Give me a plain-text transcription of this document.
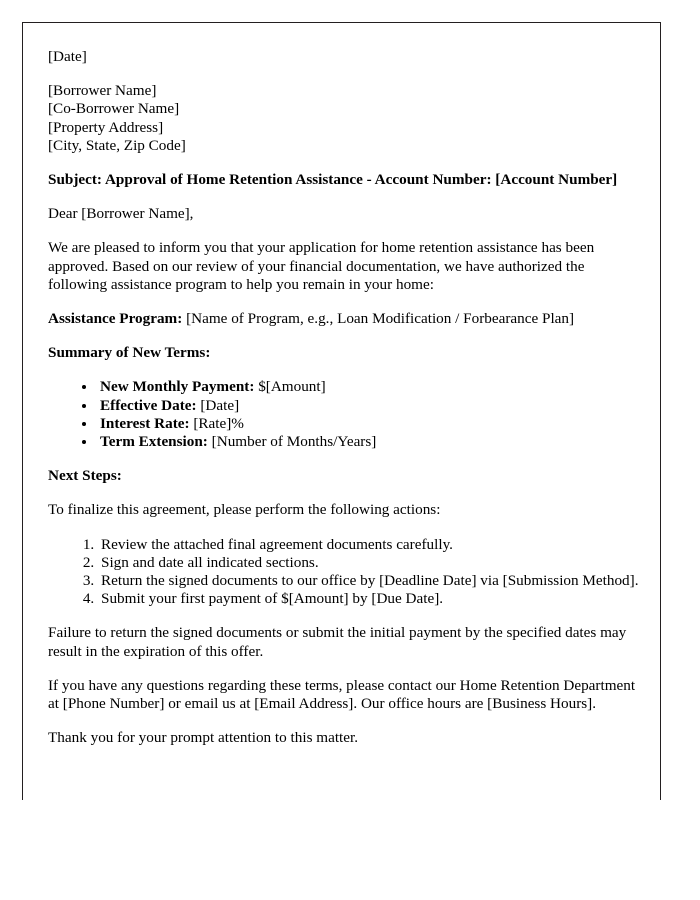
[Date]
[Borrower Name]
[Co-Borrower Name]
[Property Address]
[City, State, Zip Code]
Subject: Approval of Home Retention Assistance - Account Number: [Account Number]
Dear [Borrower Name],
We are pleased to inform you that your application for home retention assistance has been approved. Based on our review of your financial documentation, we have authorized the following assistance program to help you remain in your home:
Assistance Program: [Name of Program, e.g., Loan Modification / Forbearance Plan]
Summary of New Terms:
• New Monthly Payment: $[Amount]
• Effective Date: [Date]
• Interest Rate: [Rate]%
• Term Extension: [Number of Months/Years]
Next Steps:
To finalize this agreement, please perform the following actions:
1. Review the attached final agreement documents carefully.
2. Sign and date all indicated sections.
3. Return the signed documents to our office by [Deadline Date] via [Submission Method].
4. Submit your first payment of $[Amount] by [Due Date].
Failure to return the signed documents or submit the initial payment by the specified dates may result in the expiration of this offer.
If you have any questions regarding these terms, please contact our Home Retention Department at [Phone Number] or email us at [Email Address]. Our office hours are [Business Hours].
Thank you for your prompt attention to this matter.
